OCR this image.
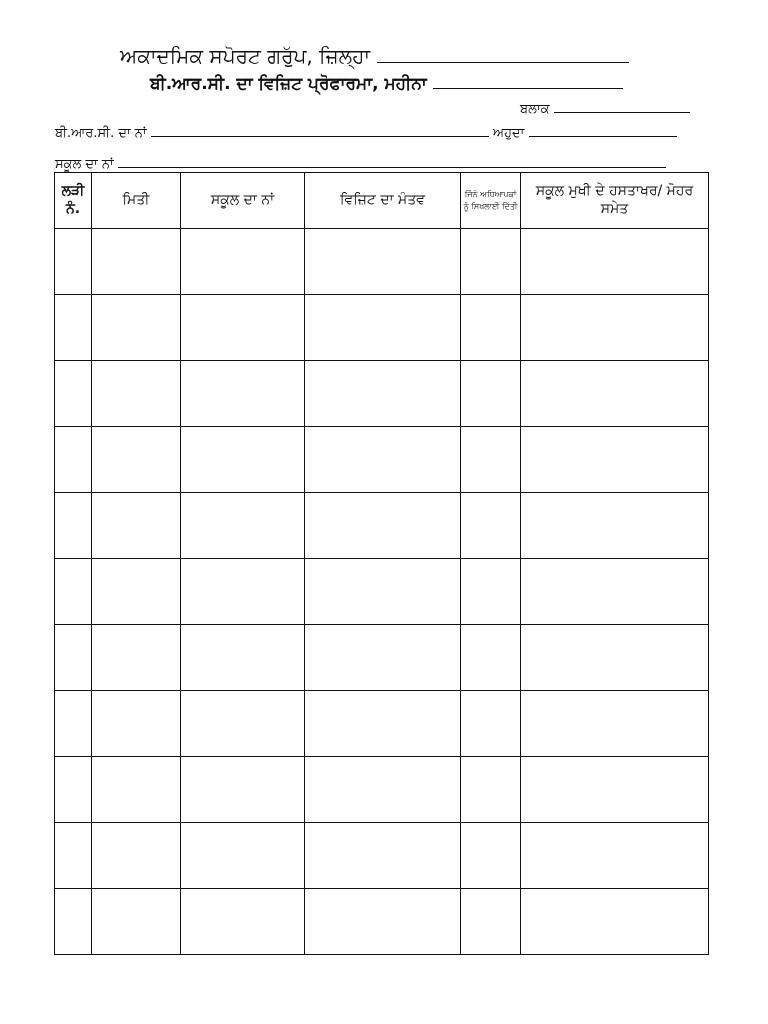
ਅਕਾਦਮਿਕ ਸਪੋਰਟ ਗਰੁੱਪ, ਜ਼ਿਲ੍ਹਾ
ਬੀ.ਆਰ.ਸੀ. ਦਾ ਵਿਜ਼ਿਟ ਪ੍ਰੋਫਾਰਮਾ, ਮਹੀਨਾ
ਬਲਾਕ
ਬੀ.ਆਰ.ਸੀ. ਦਾ ਨਾਂ	ਅਹੁਦਾ
ਸਕੂਲ ਦਾ ਨਾਂ
ਲੜੀ ਨੰ.	ਮਿਤੀ	ਸਕੂਲ ਦਾ ਨਾਂ	ਵਿਜ਼ਿਟ ਦਾ ਮੰਤਵ	ਜਿੰਨੇ ਅਧਿਆਪਕਾਂ ਨੂੰ ਸਿਖਲਾਈ ਦਿੱਤੀ	ਸਕੂਲ ਮੁਖੀ ਦੇ ਹਸਤਾਖਰ/ ਮੋਹਰ ਸਮੇਤ
